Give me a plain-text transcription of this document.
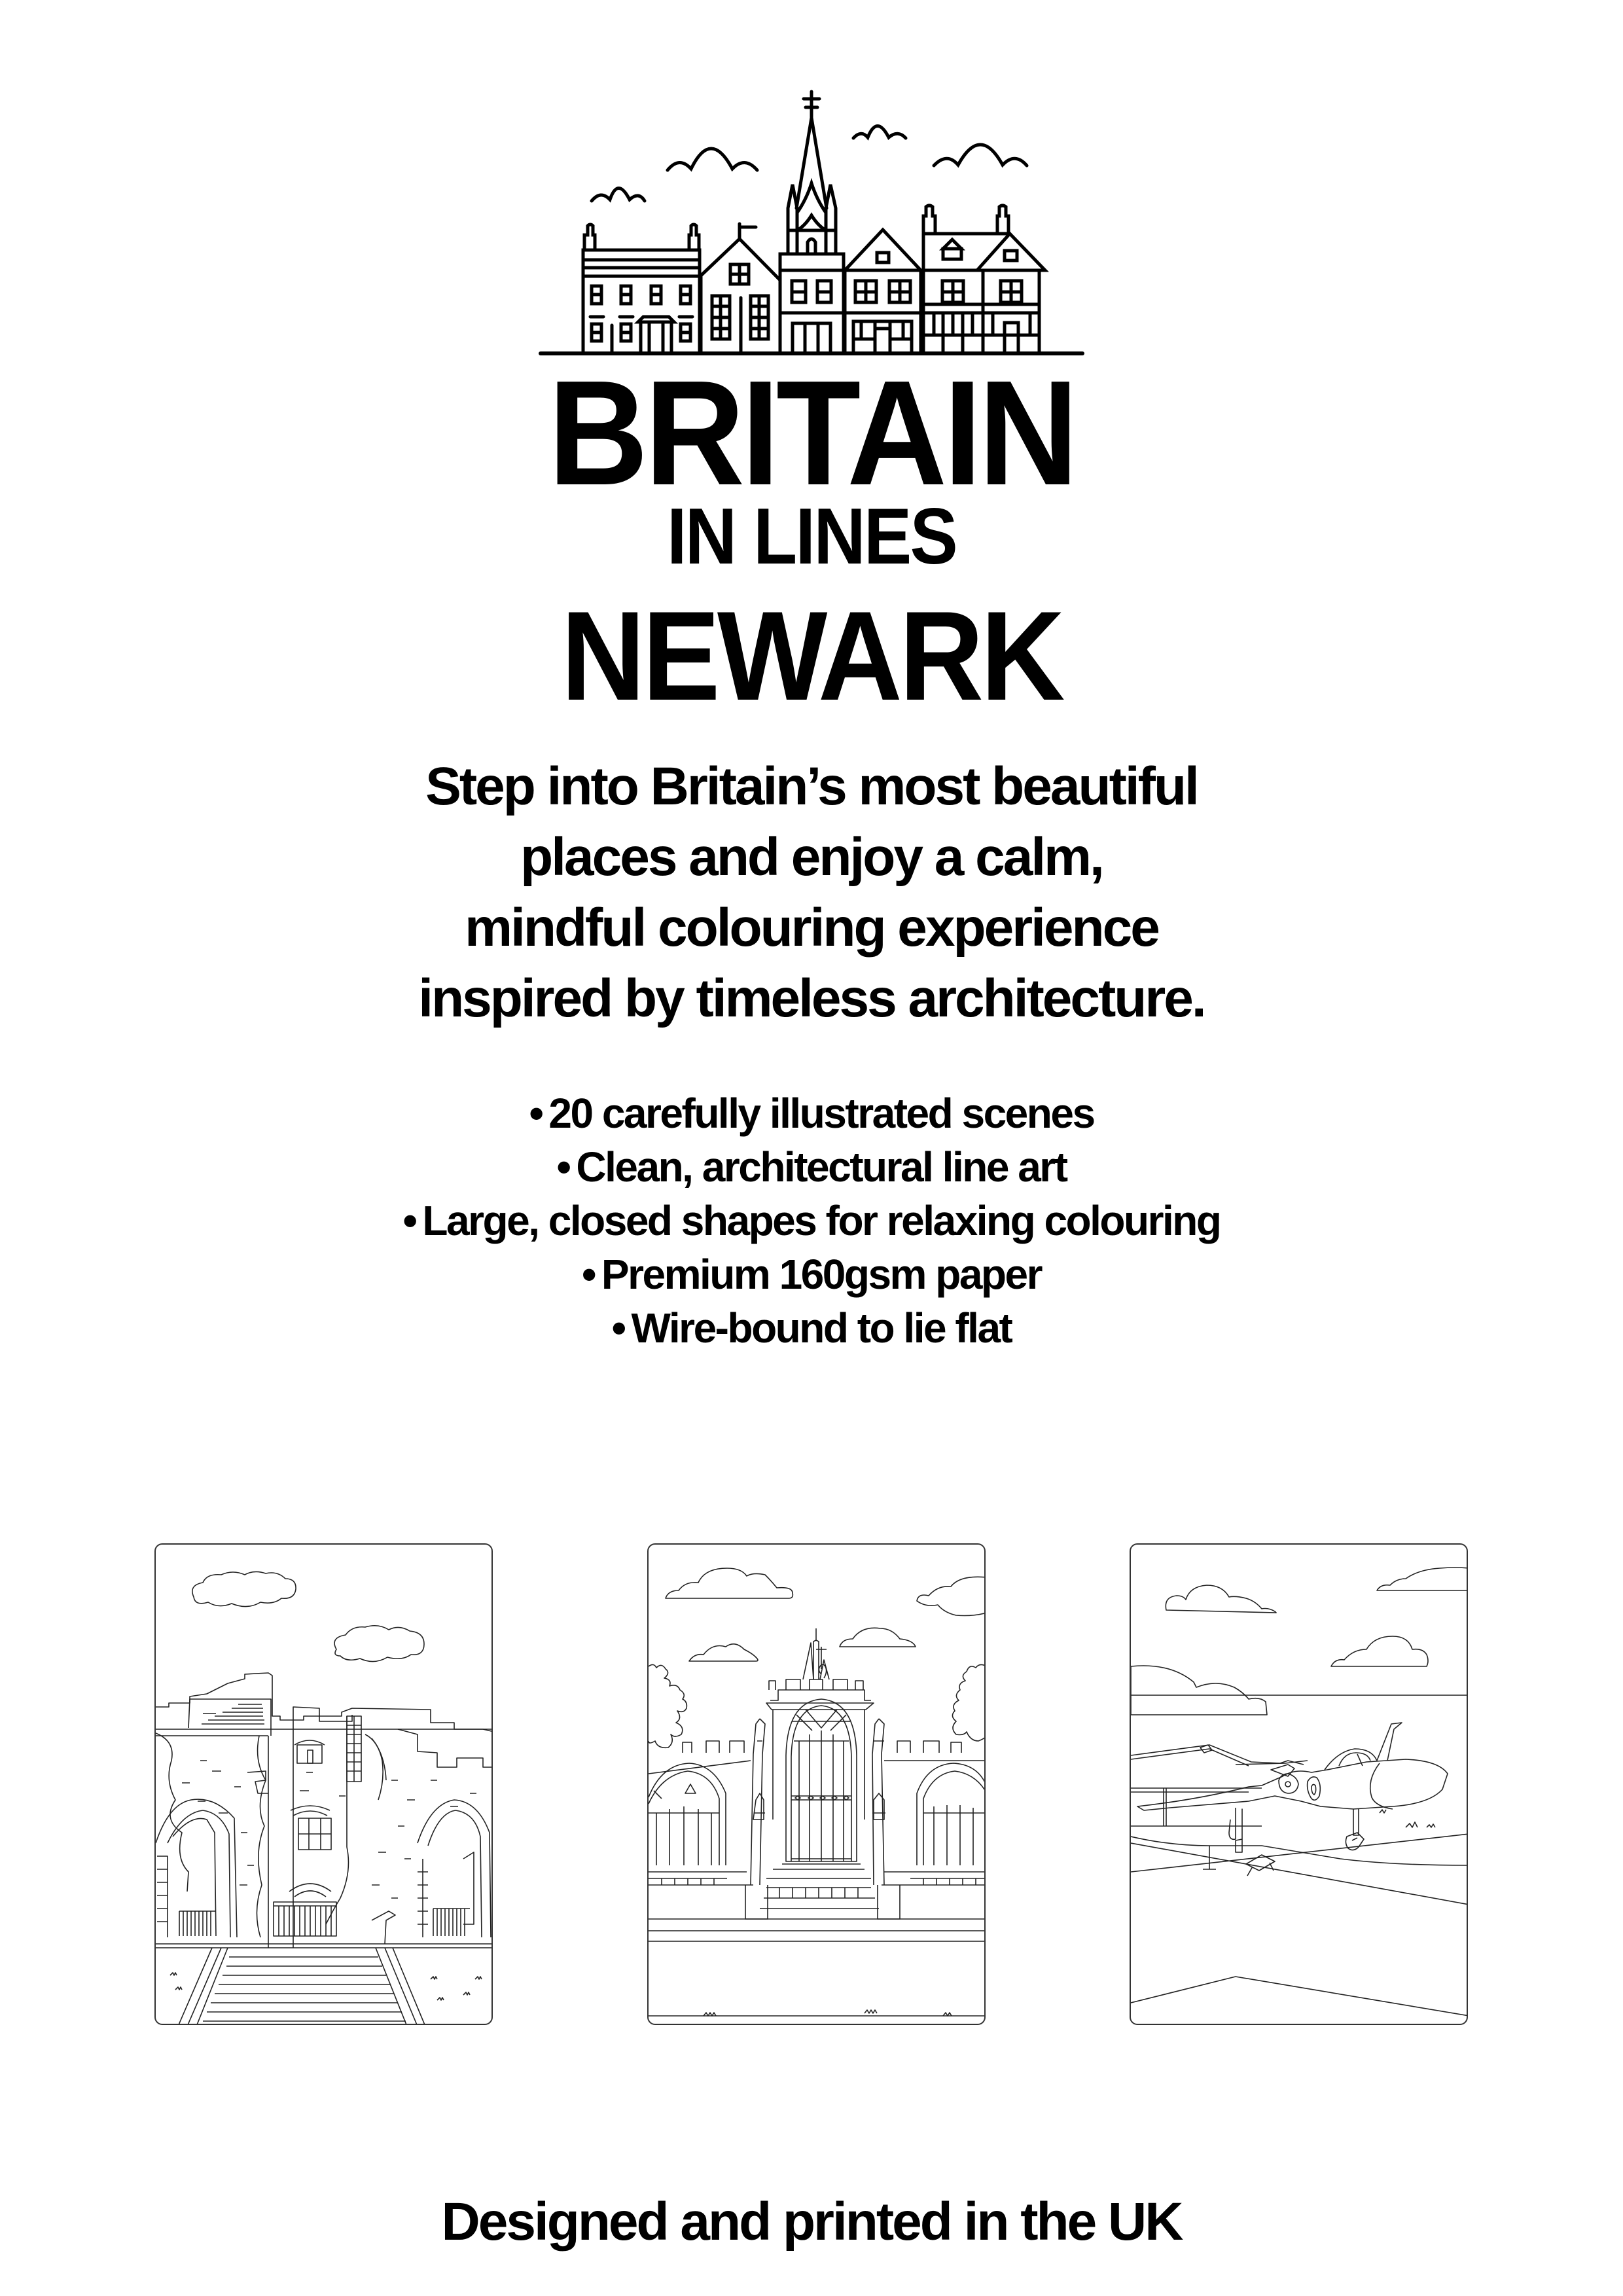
BRITAIN
IN LINES
NEWARK
Step into Britain’s most beautiful
places and enjoy a calm,
mindful colouring experience
inspired by timeless architecture.
• 20 carefully illustrated scenes
• Clean, architectural line art
• Large, closed shapes for relaxing colouring
• Premium 160gsm paper
• Wire-bound to lie flat
Designed and printed in the UK
